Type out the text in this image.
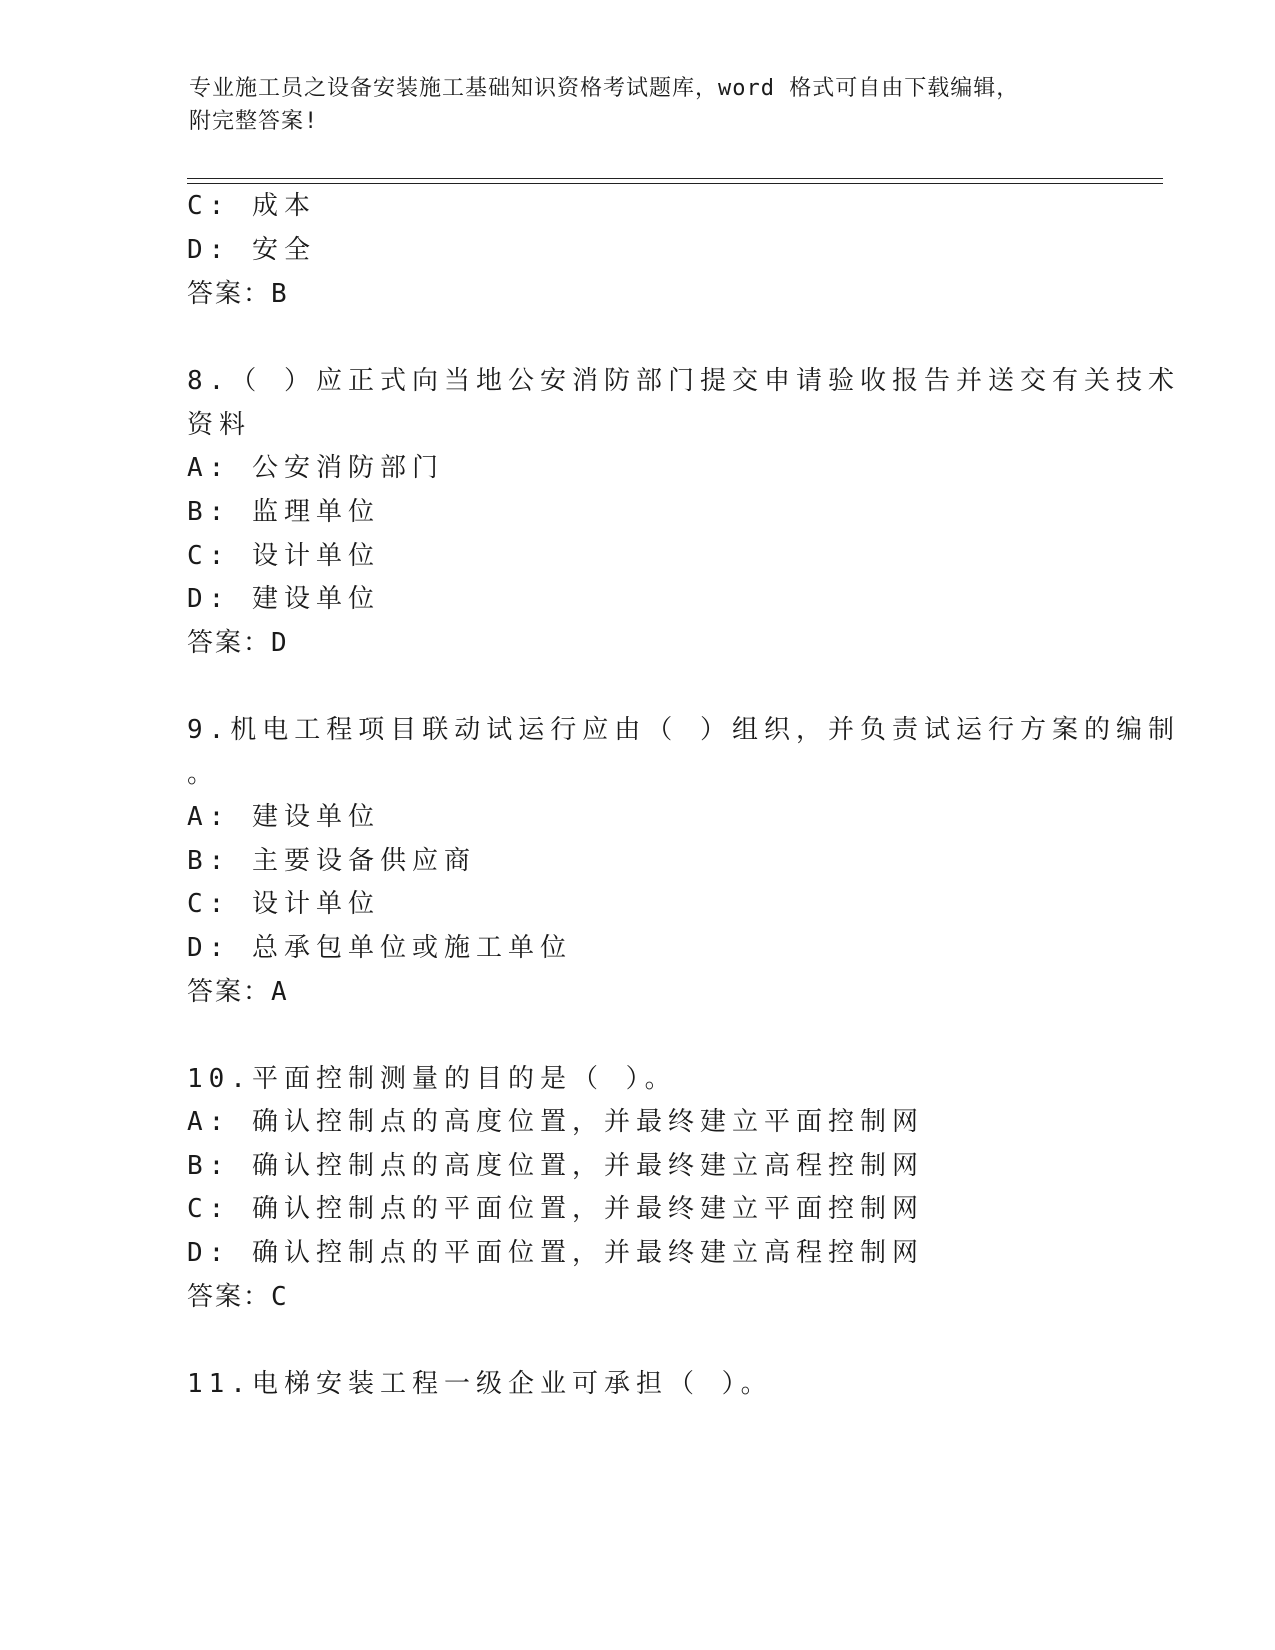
专业施工员之设备安装施工基础知识资格考试题库，word 格式可自由下载编辑，
附完整答案!
C: 成本
D: 安全
答案：B
8.（ ）应正式向当地公安消防部门提交申请验收报告并送交有关技术
资料
A: 公安消防部门
B: 监理单位
C: 设计单位
D: 建设单位
答案：D
9.机电工程项目联动试运行应由（ ）组织，并负责试运行方案的编制
。
A: 建设单位
B: 主要设备供应商
C: 设计单位
D: 总承包单位或施工单位
答案：A
10.平面控制测量的目的是（ ）。
A: 确认控制点的高度位置，并最终建立平面控制网
B: 确认控制点的高度位置，并最终建立高程控制网
C: 确认控制点的平面位置，并最终建立平面控制网
D: 确认控制点的平面位置，并最终建立高程控制网
答案：C
11.电梯安装工程一级企业可承担（ ）。
